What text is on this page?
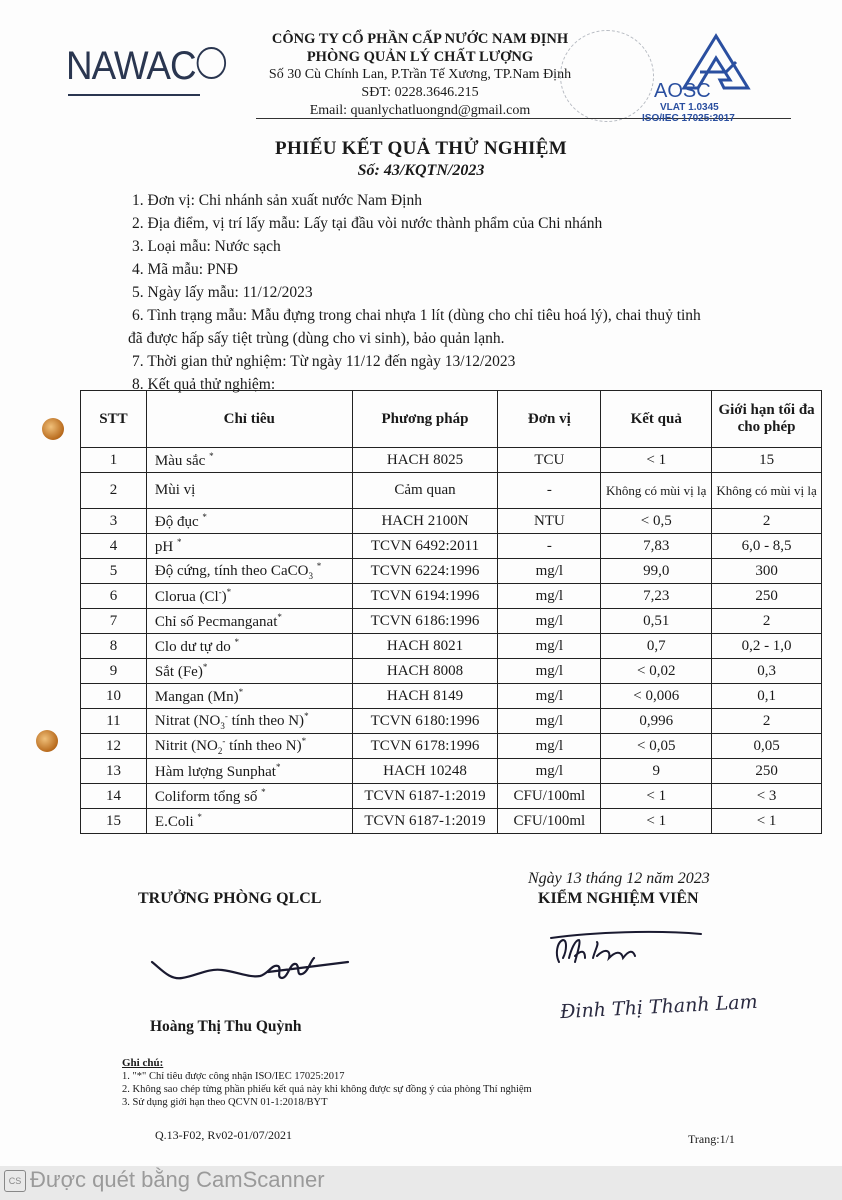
NAWAC
CÔNG TY CỔ PHẦN CẤP NƯỚC NAM ĐỊNH
PHÒNG QUẢN LÝ CHẤT LƯỢNG
Số 30 Cù Chính Lan, P.Trần Tế Xương, TP.Nam Định
SĐT: 0228.3646.215
Email: quanlychatluongnd@gmail.com
AOSC
VLAT 1.0345
ISO/IEC 17025:2017
PHIẾU KẾT QUẢ THỬ NGHIỆM
Số: 43/KQTN/2023

1. Đơn vị: Chi nhánh sản xuất nước Nam Định

2. Địa điểm, vị trí lấy mẫu: Lấy tại đầu vòi nước thành phẩm của Chi nhánh

3. Loại mẫu: Nước sạch

4. Mã mẫu: PNĐ

5. Ngày lấy mẫu: 11/12/2023

6. Tình trạng mẫu: Mẫu đựng trong chai nhựa 1 lít (dùng cho chỉ tiêu hoá lý), chai thuỷ tinh

đã được hấp sấy tiệt trùng (dùng cho vi sinh), bảo quản lạnh.

7. Thời gian thử nghiệm: Từ ngày 11/12 đến ngày 13/12/2023

8. Kết quả thử nghiệm:

STT	Chỉ tiêu	Phương pháp	Đơn vị	Kết quả	Giới hạn tối đa cho phép
1	Màu sắc *	HACH 8025	TCU	< 1	15
2	Mùi vị	Cảm quan	-	Không có mùi vị lạ	Không có mùi vị lạ
3	Độ đục *	HACH 2100N	NTU	< 0,5	2
4	pH *	TCVN 6492:2011	-	7,83	6,0 - 8,5
5	Độ cứng, tính theo CaCO$_3$ *	TCVN 6224:1996	mg/l	99,0	300
6	Clorua (Cl-)*	TCVN 6194:1996	mg/l	7,23	250
7	Chỉ số Pecmanganat*	TCVN 6186:1996	mg/l	0,51	2
8	Clo dư tự do *	HACH 8021	mg/l	0,7	0,2 - 1,0
9	Sắt (Fe)*	HACH 8008	mg/l	< 0,02	0,3
10	Mangan (Mn)*	HACH 8149	mg/l	< 0,006	0,1
11	Nitrat ($NO_3^-$ tính theo N)*	TCVN 6180:1996	mg/l	0,996	2
12	Nitrit ($NO_2^-$ tính theo N)*	TCVN 6178:1996	mg/l	< 0,05	0,05
13	Hàm lượng Sunphat*	HACH 10248	mg/l	9	250
14	Coliform tổng số *	TCVN 6187-1:2019	CFU/100ml	< 1	< 3
15	E.Coli *	TCVN 6187-1:2019	CFU/100ml	< 1	< 1
Ngày 13 tháng 12 năm 2023
TRƯỞNG PHÒNG QLCL	KIỂM NGHIỆM VIÊN
Hoàng Thị Thu Quỳnh
Đinh Thị Thanh Lam
Ghi chú:
1. "*" Chỉ tiêu được công nhận ISO/IEC 17025:2017
2. Không sao chép từng phần phiếu kết quả này khi không được sự đồng ý của phòng Thí nghiệm
3. Sử dụng giới hạn theo QCVN 01-1:2018/BYT
Q.13-F02, Rv02-01/07/2021	Trang:1/1
CS Được quét bằng CamScanner
